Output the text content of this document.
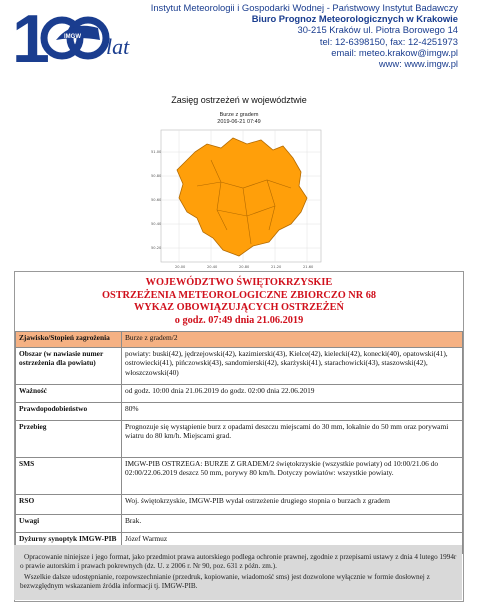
1 IMGW lat
Instytut Meteorologii i Gospodarki Wodnej - Państwowy Instytut Badawczy
Biuro Prognoz Meteorologicznych w Krakowie
30-215 Kraków ul. Piotra Borowego 14
tel: 12-6398150, fax: 12-4251973
email: meteo.krakow@imgw.pl
www: www.imgw.pl
Zasięg ostrzeżeń w województwie
Burze z gradem
2019-06-21 07:49
51.00
50.80
50.60
50.40
50.20
20.00	20.40	20.80	21.20	21.60
WOJEWÓDZTWO ŚWIĘTOKRZYSKIE
OSTRZEŻENIA METEOROLOGICZNE ZBIORCZO NR 68
WYKAZ OBOWIĄZUJĄCYCH OSTRZEŻEŃ
o godz. 07:49 dnia 21.06.2019
Zjawisko/Stopień zagrożenia	Burze z gradem/2
Obszar (w nawiasie numer ostrzeżenia dla powiatu)	powiaty: buski(42), jędrzejowski(42), kazimierski(43), Kielce(42), kielecki(42), konecki(40), opatowski(41), ostrowiecki(41), pińczowski(43), sandomierski(42), skarżyski(41), starachowicki(43), staszowski(42), włoszczowski(40)
Ważność	od godz. 10:00 dnia 21.06.2019 do godz. 02:00 dnia 22.06.2019
Prawdopodobieństwo	80%
Przebieg	Prognozuje się wystąpienie burz z opadami deszczu miejscami do 30 mm, lokalnie do 50 mm oraz porywami wiatru do 80 km/h. Miejscami grad.
SMS	IMGW-PIB OSTRZEGA: BURZE Z GRADEM/2 świętokrzyskie (wszystkie powiaty) od 10:00/21.06 do 02:00/22.06.2019 deszcz 50 mm, porywy 80 km/h. Dotyczy powiatów: wszystkie powiaty.
RSO	Woj. świętokrzyskie, IMGW-PIB wydał ostrzeżenie drugiego stopnia o burzach z gradem
Uwagi	Brak.
Dyżurny synoptyk IMGW-PIB	Józef Warmuz

Opracowanie niniejsze i jego format, jako przedmiot prawa autorskiego podlega ochronie prawnej, zgodnie z przepisami ustawy z dnia 4 lutego 1994r o prawie autorskim i prawach pokrewnych (dz. U. z 2006 r. Nr 90, poz. 631 z późn. zm.).

Wszelkie dalsze udostępnianie, rozpowszechnianie (przedruk, kopiowanie, wiadomość sms) jest dozwolone wyłącznie w formie dosłownej z bezwzględnym wskazaniem źródła informacji tj. IMGW-PIB.
